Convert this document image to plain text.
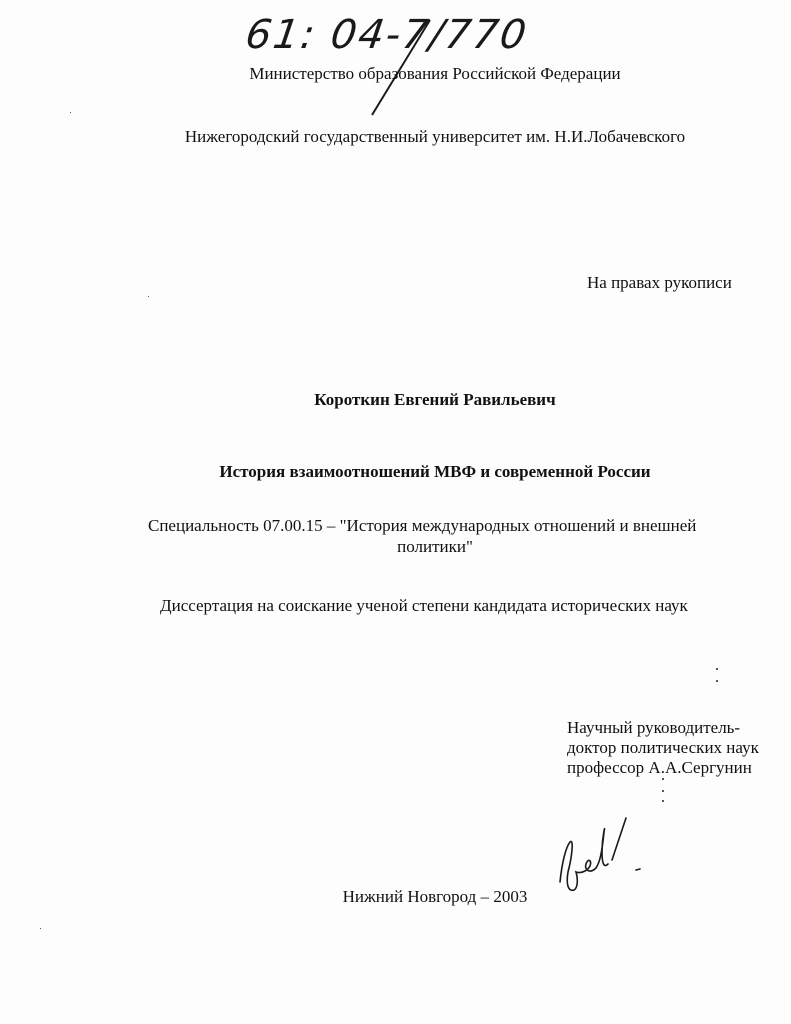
61: 04-7/770
Министерство образования Российской Федерации
Нижегородский государственный университет им. Н.И.Лобачевского
На правах рукописи
Короткин Евгений Равильевич
История взаимоотношений МВФ и современной России
Специальность 07.00.15 – "История международных отношений и внешней
политики"
Диссертация на соискание ученой степени кандидата исторических наук
Научный руководитель-
доктор политических наук
профессор А.А.Сергунин
Нижний Новгород – 2003
